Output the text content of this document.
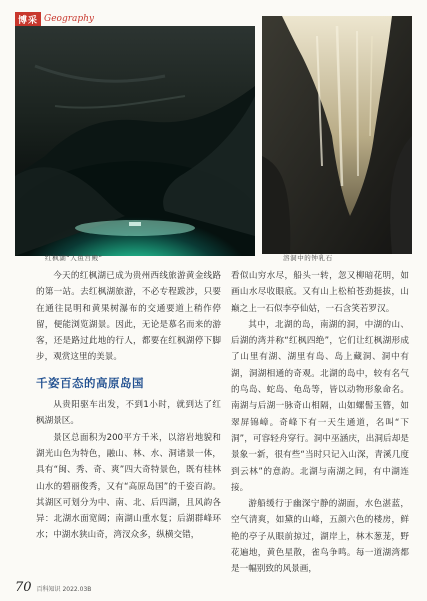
博采 Geography
红枫湖“人鱼宫殿”	溶洞中的钟乳石

今天的红枫湖已成为贵州西线旅游黄金线路的第一站。去红枫湖旅游，不必专程跋涉，只要在通往昆明和黄果树瀑布的交通要道上稍作停留，便能浏览湖景。因此，无论是慕名而来的游客，还是路过此地的行人，都要在红枫湖停下脚步，观赏这里的美景。

千姿百态的高原岛国

从贵阳驱车出发，不到1小时，就到达了红枫湖景区。

景区总面积为200平方千米，以溶岩地貌和湖光山色为特色，融山、林、水、洞诸景一体，具有“闽、秀、奇、爽”四大奇特景色，既有桂林山水的碧丽俊秀，又有“高原岛国”的千姿百韵。其湖区可划分为中、南、北、后四湖，且风韵各异：北湖水面宽阔；南湖山重水复；后湖群峰环水；中湖水狭山奇，湾汊众多，纵横交错，

看似山穷水尽，船头一转，忽又柳暗花明，如画山水尽收眼底。又有山上松柏苍劲挺拔，山巅之上一石似李亭仙姑，一石含笑若罗汉。

其中，北湖的岛，南湖的洞，中湖的山、后湖的湾并称“红枫四绝”，它们让红枫湖形成了山里有湖、湖里有岛、岛上藏洞、洞中有湖，洞湖相通的奇观。北湖的岛中，较有名气的鸟岛、蛇岛、龟岛等，皆以动物形象命名。南湖与后湖一脉奇山相隔，山如螺髻玉簪，如翠屏锦嶂。奇峰下有一天生通道，名叫“下洞”，可容轻舟穿行。洞中巫涵庆，出洞后却是景象一新，很有些“当时只记入山深，青溪几度到云林”的意韵。北湖与南湖之间，有中湖连接。

游船缓行于幽深宁静的湖面，水色湛蓝，空气清爽，如黛的山峰，五颜六色的楼房，鲜艳的亭子从眼前掠过，湖岸上，林木葱茏，野花遍地，黄色星散，雀鸟争鸣。每一道湖湾都是一幅别致的风景画，

70 百科知识 2022.03B
